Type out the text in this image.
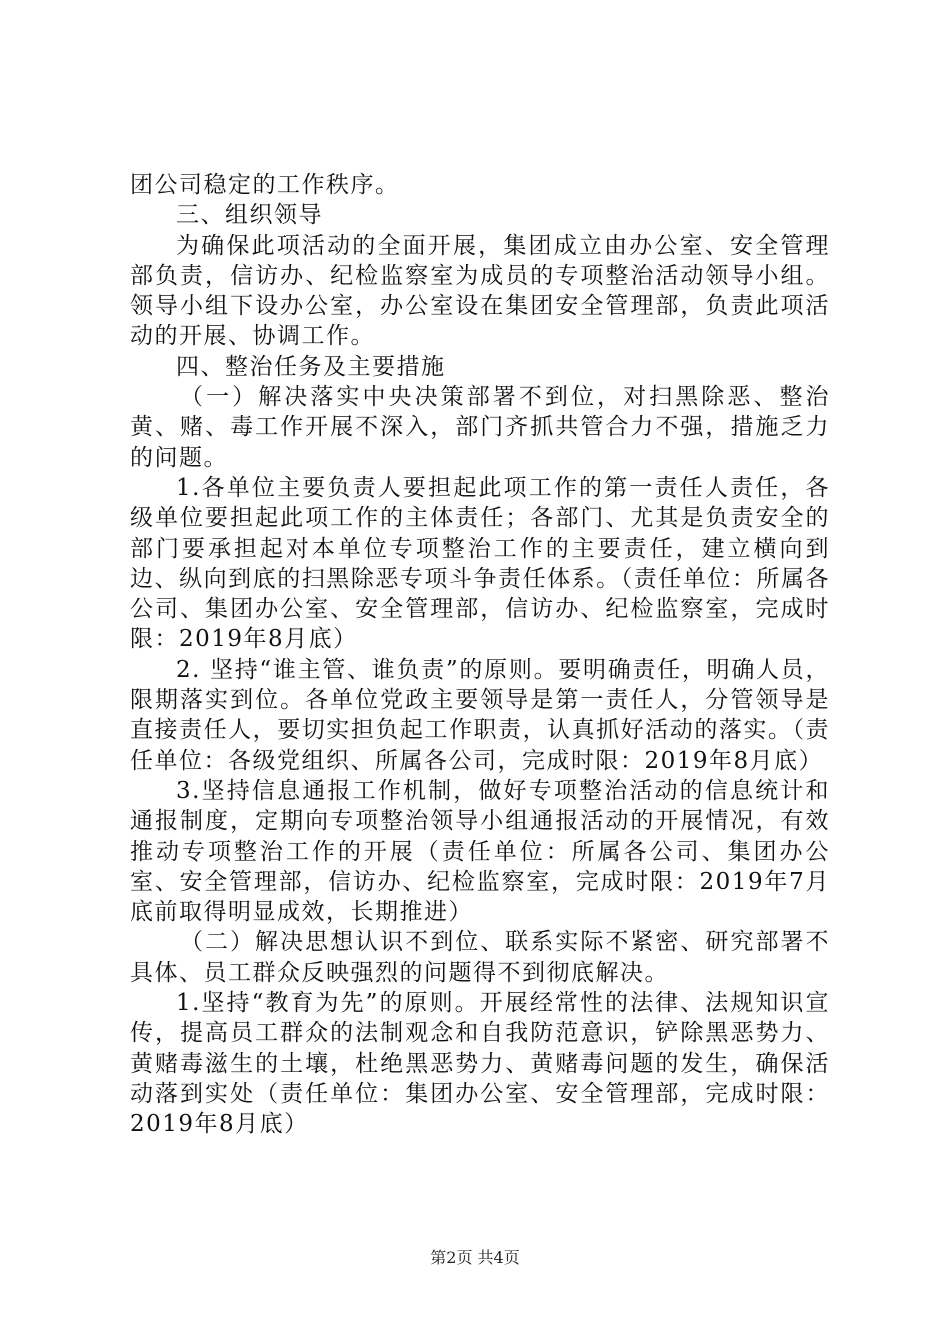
团公司稳定的工作秩序。

三、组织领导

为确保此项活动的全面开展，集团成立由办公室、安全管理部负责，信访办、纪检监察室为成员的专项整治活动领导小组。领导小组下设办公室，办公室设在集团安全管理部，负责此项活动的开展、协调工作。

四、整治任务及主要措施

（一）解决落实中央决策部署不到位，对扫黑除恶、整治黄、赌、毒工作开展不深入，部门齐抓共管合力不强，措施乏力的问题。

1.各单位主要负责人要担起此项工作的第一责任人责任，各级单位要担起此项工作的主体责任；各部门、尤其是负责安全的部门要承担起对本单位专项整治工作的主要责任，建立横向到边、纵向到底的扫黑除恶专项斗争责任体系。（责任单位：所属各公司、集团办公室、安全管理部，信访办、纪检监察室，完成时限：2019年8月底）

2. 坚持“谁主管、谁负责”的原则。要明确责任，明确人员，限期落实到位。各单位党政主要领导是第一责任人，分管领导是直接责任人，要切实担负起工作职责，认真抓好活动的落实。（责任单位：各级党组织、所属各公司，完成时限：2019年8月底）

3.坚持信息通报工作机制，做好专项整治活动的信息统计和通报制度，定期向专项整治领导小组通报活动的开展情况，有效推动专项整治工作的开展（责任单位：所属各公司、集团办公室、安全管理部，信访办、纪检监察室，完成时限：2019年7月底前取得明显成效，长期推进）

（二）解决思想认识不到位、联系实际不紧密、研究部署不具体、员工群众反映强烈的问题得不到彻底解决。

1.坚持“教育为先”的原则。开展经常性的法律、法规知识宣传，提高员工群众的法制观念和自我防范意识，铲除黑恶势力、黄赌毒滋生的土壤，杜绝黑恶势力、黄赌毒问题的发生，确保活动落到实处（责任单位：集团办公室、安全管理部，完成时限：2019年8月底）

第2页 共4页
